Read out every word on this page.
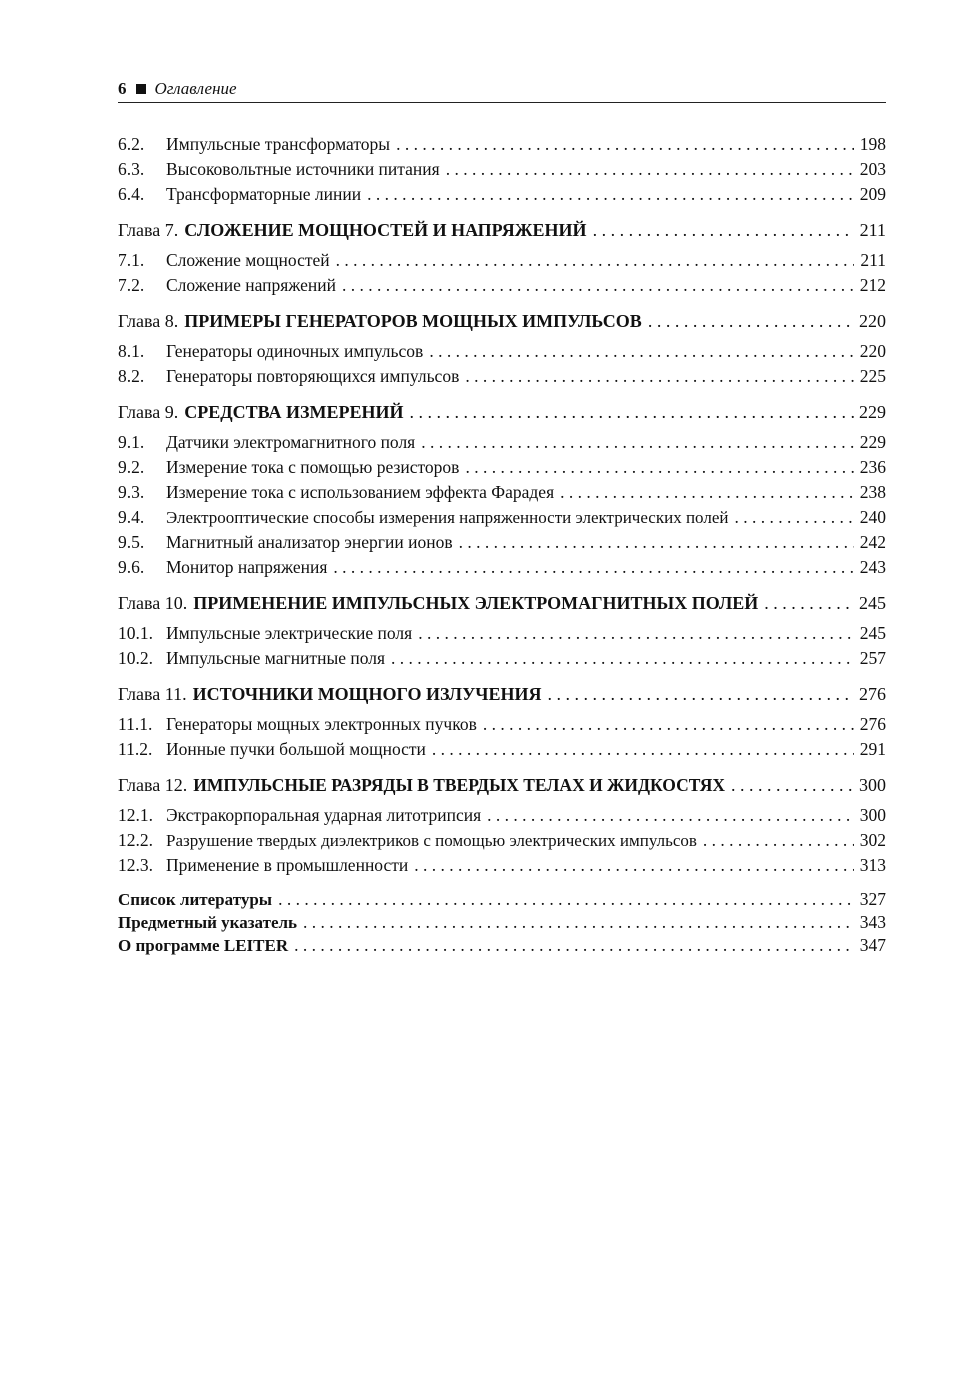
6 Оглавление
6.2.	Импульсные трансформаторы . . .	198
6.3.	Высоковольтные источники питания . . .	203
6.4.	Трансформаторные линии . . .	209
Глава 7. СЛОЖЕНИЕ МОЩНОСТЕЙ И НАПРЯЖЕНИЙ . . .	211
7.1.	Сложение мощностей . . .	211
7.2.	Сложение напряжений . . .	212
Глава 8. ПРИМЕРЫ ГЕНЕРАТОРОВ МОЩНЫХ ИМПУЛЬСОВ . . .	220
8.1.	Генераторы одиночных импульсов . . .	220
8.2.	Генераторы повторяющихся импульсов . . .	225
Глава 9. СРЕДСТВА ИЗМЕРЕНИЙ . . .	229
9.1.	Датчики электромагнитного поля . . .	229
9.2.	Измерение тока с помощью резисторов . . .	236
9.3.	Измерение тока с использованием эффекта Фарадея . . .	238
9.4.	Электрооптические способы измерения напряженности электрических полей . . .	240
9.5.	Магнитный анализатор энергии ионов . . .	242
9.6.	Монитор напряжения . . .	243
Глава 10. ПРИМЕНЕНИЕ ИМПУЛЬСНЫХ ЭЛЕКТРОМАГНИТНЫХ ПОЛЕЙ . . .	245
10.1. Импульсные электрические поля . . .	245
10.2. Импульсные магнитные поля . . .	257
Глава 11. ИСТОЧНИКИ МОЩНОГО ИЗЛУЧЕНИЯ . . .	276
11.1. Генераторы мощных электронных пучков . . .	276
11.2. Ионные пучки большой мощности . . .	291
Глава 12. ИМПУЛЬСНЫЕ РАЗРЯДЫ В ТВЕРДЫХ ТЕЛАХ И ЖИДКОСТЯХ . . .	300
12.1. Экстракорпоральная ударная литотрипсия . . .	300
12.2. Разрушение твердых диэлектриков с помощью электрических импульсов . . .	302
12.3. Применение в промышленности . . .	313
Список литературы . . .	327
Предметный указатель . . .	343
О программе LEITER . . .	347
